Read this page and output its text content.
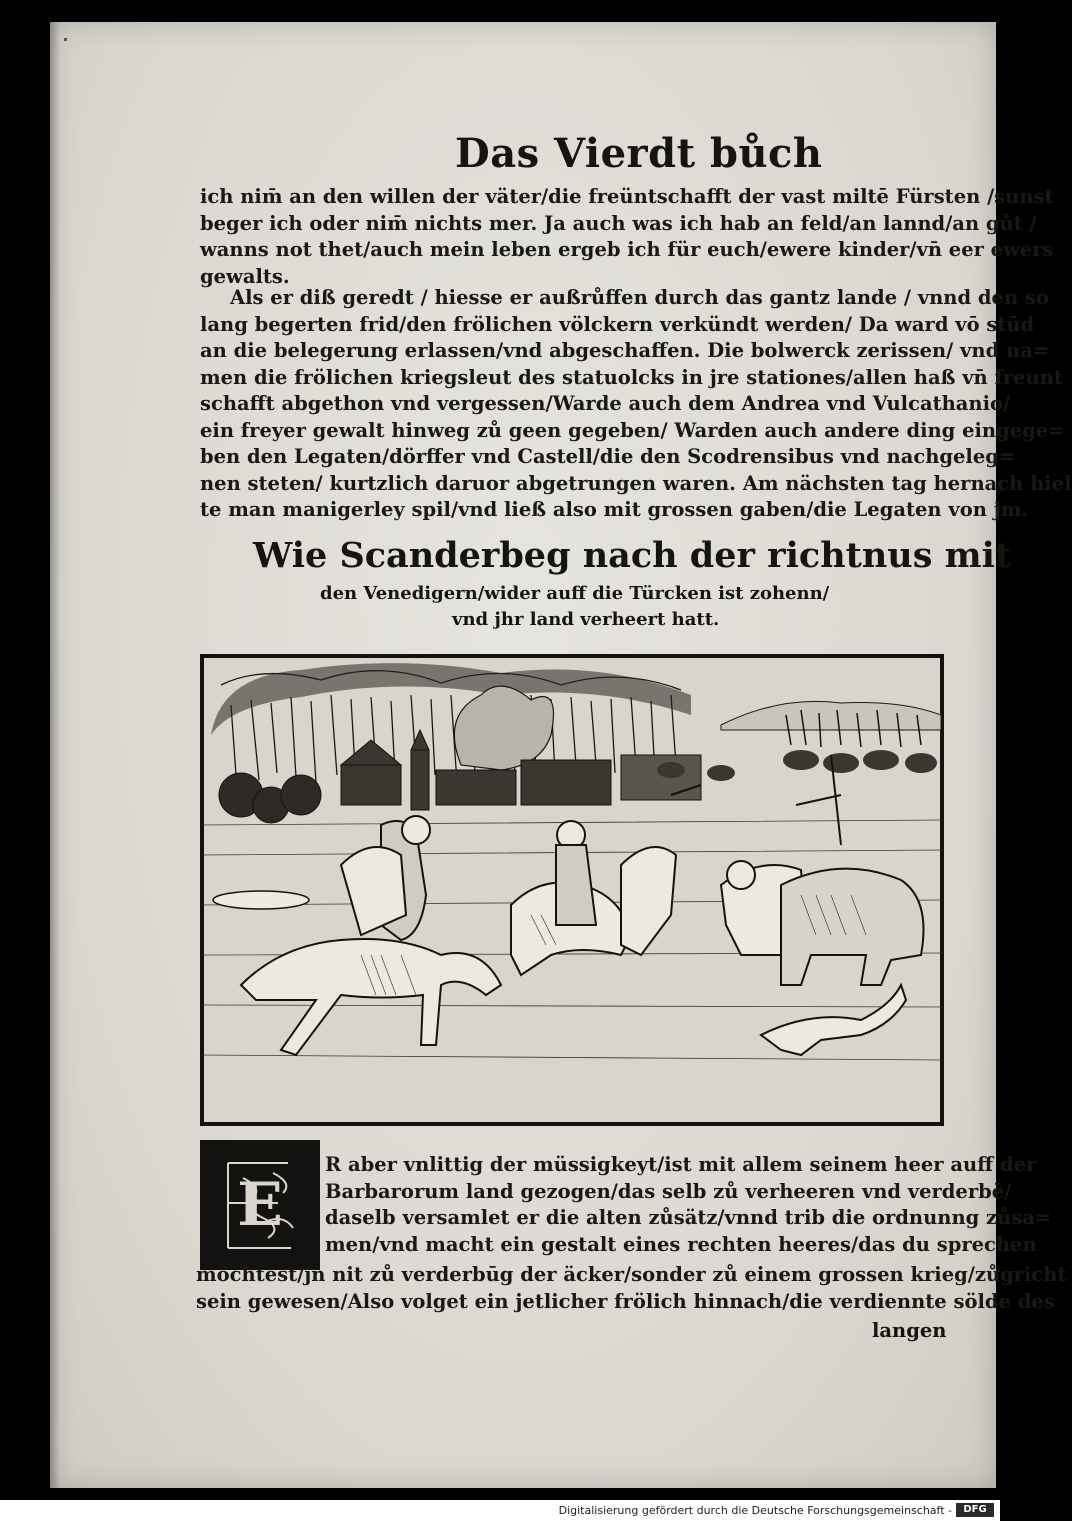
Das Vierdt bůch
ich nim̄ an den willen der väter/die freüntschafft der vast miltē Fürsten /sunst
beger ich oder nim̄ nichts mer. Ja auch was ich hab an feld/an lannd/an gůt /
wanns not thet/auch mein leben ergeb ich für euch/ewere kinder/vn̄ eer ewers
gewalts.
Als er diß geredt / hiesse er außrůffen durch das gantz lande / vnnd den so
lang begerten frid/den frölichen völckern verkündt werden/ Da ward vō stūd
an die belegerung erlassen/vnd abgeschaffen. Die bolwerck zerissen/ vnd na=
men die frölichen kriegsleut des statuolcks in jre stationes/allen haß vn̄ freunt
schafft abgethon vnd vergessen/Warde auch dem Andrea vnd Vulcathanio/
ein freyer gewalt hinweg zů geen gegeben/ Warden auch andere ding eingege=
ben den Legaten/dörffer vnd Castell/die den Scodrensibus vnd nachgeleg=
nen steten/ kurtzlich daruor abgetrungen waren. Am nächsten tag hernach hiel
te man manigerley spil/vnd ließ also mit grossen gaben/die Legaten von jm.
Wie Scanderbeg nach der richtnus mit
den Venedigern/wider auff die Türcken ist zohenn/
vnd jhr land verheert hatt.
E
R aber vnlittig der müssigkeyt/ist mit allem seinem heer auff der
Barbarorum land gezogen/das selb zů verheeren vnd verderbē/
daselb versamlet er die alten zůsätz/vnnd trib die ordnunng zůsa=
men/vnd macht ein gestalt eines rechten heeres/das du sprechen
möchtest/jn nit zů verderbūg der äcker/sonder zů einem grossen krieg/zůgricht
sein gewesen/Also volget ein jetlicher frölich hinnach/die verdiennte sölde des
langen
Digitalisierung gefördert durch die Deutsche Forschungsgemeinschaft -	DFG
